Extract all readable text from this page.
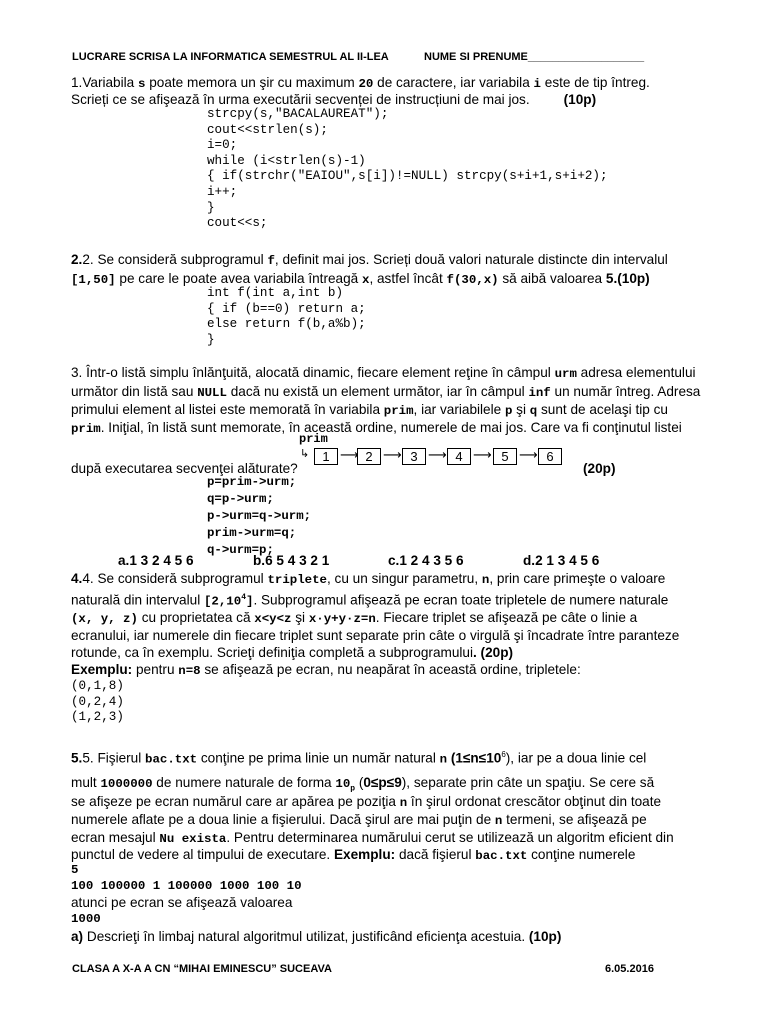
LUCRARE SCRISA LA INFORMATICA SEMESTRUL AL II-LEA	NUME SI PRENUME___________________
1.Variabila s poate memora un şir cu maximum 20 de caractere, iar variabila i este de tip întreg.
Scrieți ce se afişează în urma executării secvenței de instrucțiuni de mai jos.	(10p)
strcpy(s,"BACALAUREAT");
cout<<strlen(s);
i=0;
while (i<strlen(s)-1)
{ if(strchr("EAIOU",s[i])!=NULL) strcpy(s+i+1,s+i+2);
i++;
}
cout<<s;
2.2. Se consideră subprogramul f, definit mai jos. Scrieți două valori naturale distincte din intervalul
[1,50] pe care le poate avea variabila întreagă x, astfel încât f(30,x) să aibă valoarea 5.(10p)
int f(int a,int b)
{ if (b==0) return a;
else return f(b,a%b);
}
3. Într-o listă simplu înlănţuită, alocată dinamic, fiecare element reţine în câmpul urm adresa elementului
următor din listă sau NULL dacă nu există un element următor, iar în câmpul inf un număr întreg. Adresa
primului element al listei este memorată în variabila prim, iar variabilele p şi q sunt de acelaşi tip cu
prim. Iniţial, în listă sunt memorate, în această ordine, numerele de mai jos. Care va fi conţinutul listei
prim
↳	1 ⟶ 2 ⟶ 3 ⟶ 4 ⟶ 5 ⟶ 6
după executarea secvenţei alăturate?	(20p)
p=prim->urm;
q=p->urm;
p->urm=q->urm;
prim->urm=q;
q->urm=p;
a.1 3 2 4 5 6	b.6 5 4 3 2 1	c.1 2 4 3 5 6	d.2 1 3 4 5 6
4.4. Se consideră subprogramul triplete, cu un singur parametru, n, prin care primeşte o valoare
naturală din intervalul [2,10$^4$]. Subprogramul afişează pe ecran toate tripletele de numere naturale
(x, y, z) cu proprietatea că x<y<z şi x·y+y·z=n. Fiecare triplet se afişează pe câte o linie a
ecranului, iar numerele din fiecare triplet sunt separate prin câte o virgulă şi încadrate între paranteze
rotunde, ca în exemplu. Scrieţi definiţia completă a subprogramului. (20p)
Exemplu: pentru n=8 se afişează pe ecran, nu neapărat în această ordine, tripletele:
(0,1,8)
(0,2,4)
(1,2,3)
5.5. Fişierul bac.txt conţine pe prima linie un număr natural n $(1\le n\le 10^6)$, iar pe a doua linie cel
mult 1000000 de numere naturale de forma $10_p$ (0≤p≤9), separate prin câte un spaţiu. Se cere să
se afişeze pe ecran numărul care ar apărea pe poziţia n în şirul ordonat crescător obţinut din toate
numerele aflate pe a doua linie a fişierului. Dacă şirul are mai puţin de n termeni, se afişează pe
ecran mesajul Nu exista. Pentru determinarea numărului cerut se utilizează un algoritm eficient din
punctul de vedere al timpului de executare. Exemplu: dacă fişierul bac.txt conţine numerele
5
100 100000 1 100000 1000 100 10
atunci pe ecran se afişează valoarea
1000
a) Descrieţi în limbaj natural algoritmul utilizat, justificând eficienţa acestuia. (10p)
CLASA A X-A A CN “MIHAI EMINESCU” SUCEAVA	6.05.2016
